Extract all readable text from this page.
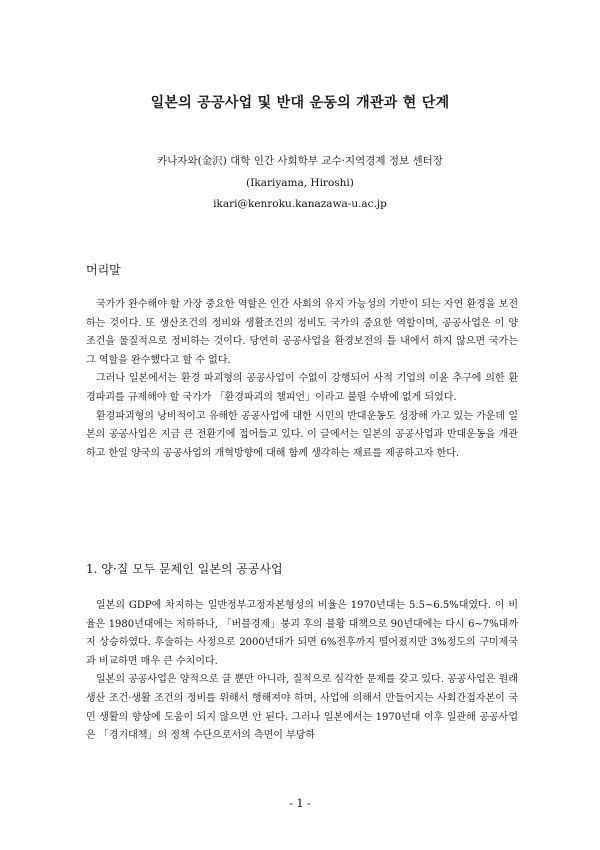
일본의 공공사업 및 반대 운동의 개관과 현 단계
카나자와(金沢) 대학 인간 사회학부 교수·지역경제 정보 센터장
(Ikariyama, Hiroshi)
ikari@kenroku.kanazawa-u.ac.jp
머리말

국가가 완수해야 할 가장 중요한 역할은 인간 사회의 유지 가능성의 기반이 되는 자연 환경을 보전하는 것이다. 또 생산조건의 정비와 생활조건의 정비도 국가의 중요한 역할이며, 공공사업은 이 양 조건을 물질적으로 정비하는 것이다. 당연히 공공사업을 환경보전의 틀 내에서 하지 않으면 국가는 그 역할을 완수했다고 할 수 없다.

그러나 일본에서는 환경 파괴형의 공공사업이 수없이 강행되어 사적 기업의 이윤 추구에 의한 환경파괴를 규제해야 할 국가가 「환경파괴의 챔피언」이라고 불릴 수밖에 없게 되었다.

환경파괴형의 낭비적이고 유해한 공공사업에 대한 시민의 반대운동도 성장해 가고 있는 가운데 일본의 공공사업은 지금 큰 전환기에 접어들고 있다. 이 글에서는 일본의 공공사업과 반대운동을 개관하고 한일 양국의 공공사업의 개혁방향에 대해 함께 생각하는 재료를 제공하고자 한다.

1. 양·질 모두 문제인 일본의 공공사업

일본의 GDP에 차지하는 일반정부고정자본형성의 비율은 1970년대는 5.5~6.5%대였다. 이 비율은 1980년대에는 저하하나, 「버블경제」붕괴 후의 불황 대책으로 90년대에는 다시 6~7%대까지 상승하였다. 후술하는 사정으로 2000년대가 되면 6%전후까지 떨어졌지만 3%정도의 구미제국과 비교하면 매우 큰 수치이다.

일본의 공공사업은 양적으로 클 뿐만 아니라, 질적으로 심각한 문제를 갖고 있다. 공공사업은 원래 생산 조건·생활 조건의 정비를 위해서 행해져야 하며, 사업에 의해서 만들어지는 사회간접자본이 국민 생활의 향상에 도움이 되지 않으면 안 된다. 그러나 일본에서는 1970년대 이후 일관해 공공사업은 「경기대책」의 정책 수단으로서의 측면이 부당하

- 1 -
